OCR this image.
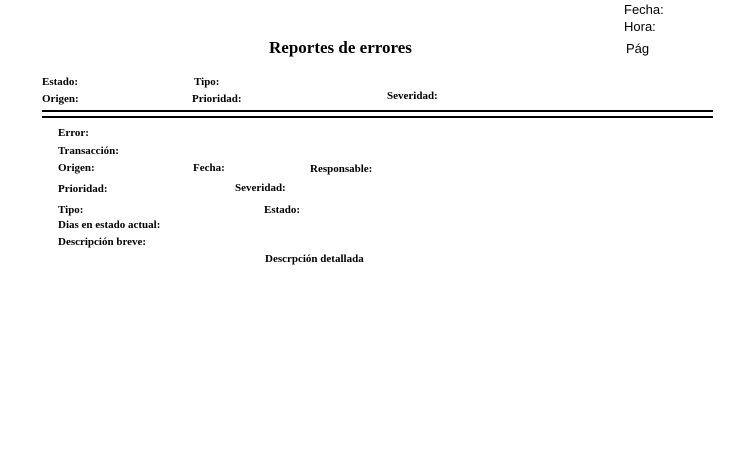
Fecha:
Hora:
Pág
Reportes de errores
Estado:	Tipo:
Origen:	Prioridad:	Severidad:
Error:
Transacción:
Origen:	Fecha:	Responsable:
Prioridad:	Severidad:
Tipo:	Estado:
Dias en estado actual:
Descripción breve:
Descrpción detallada
